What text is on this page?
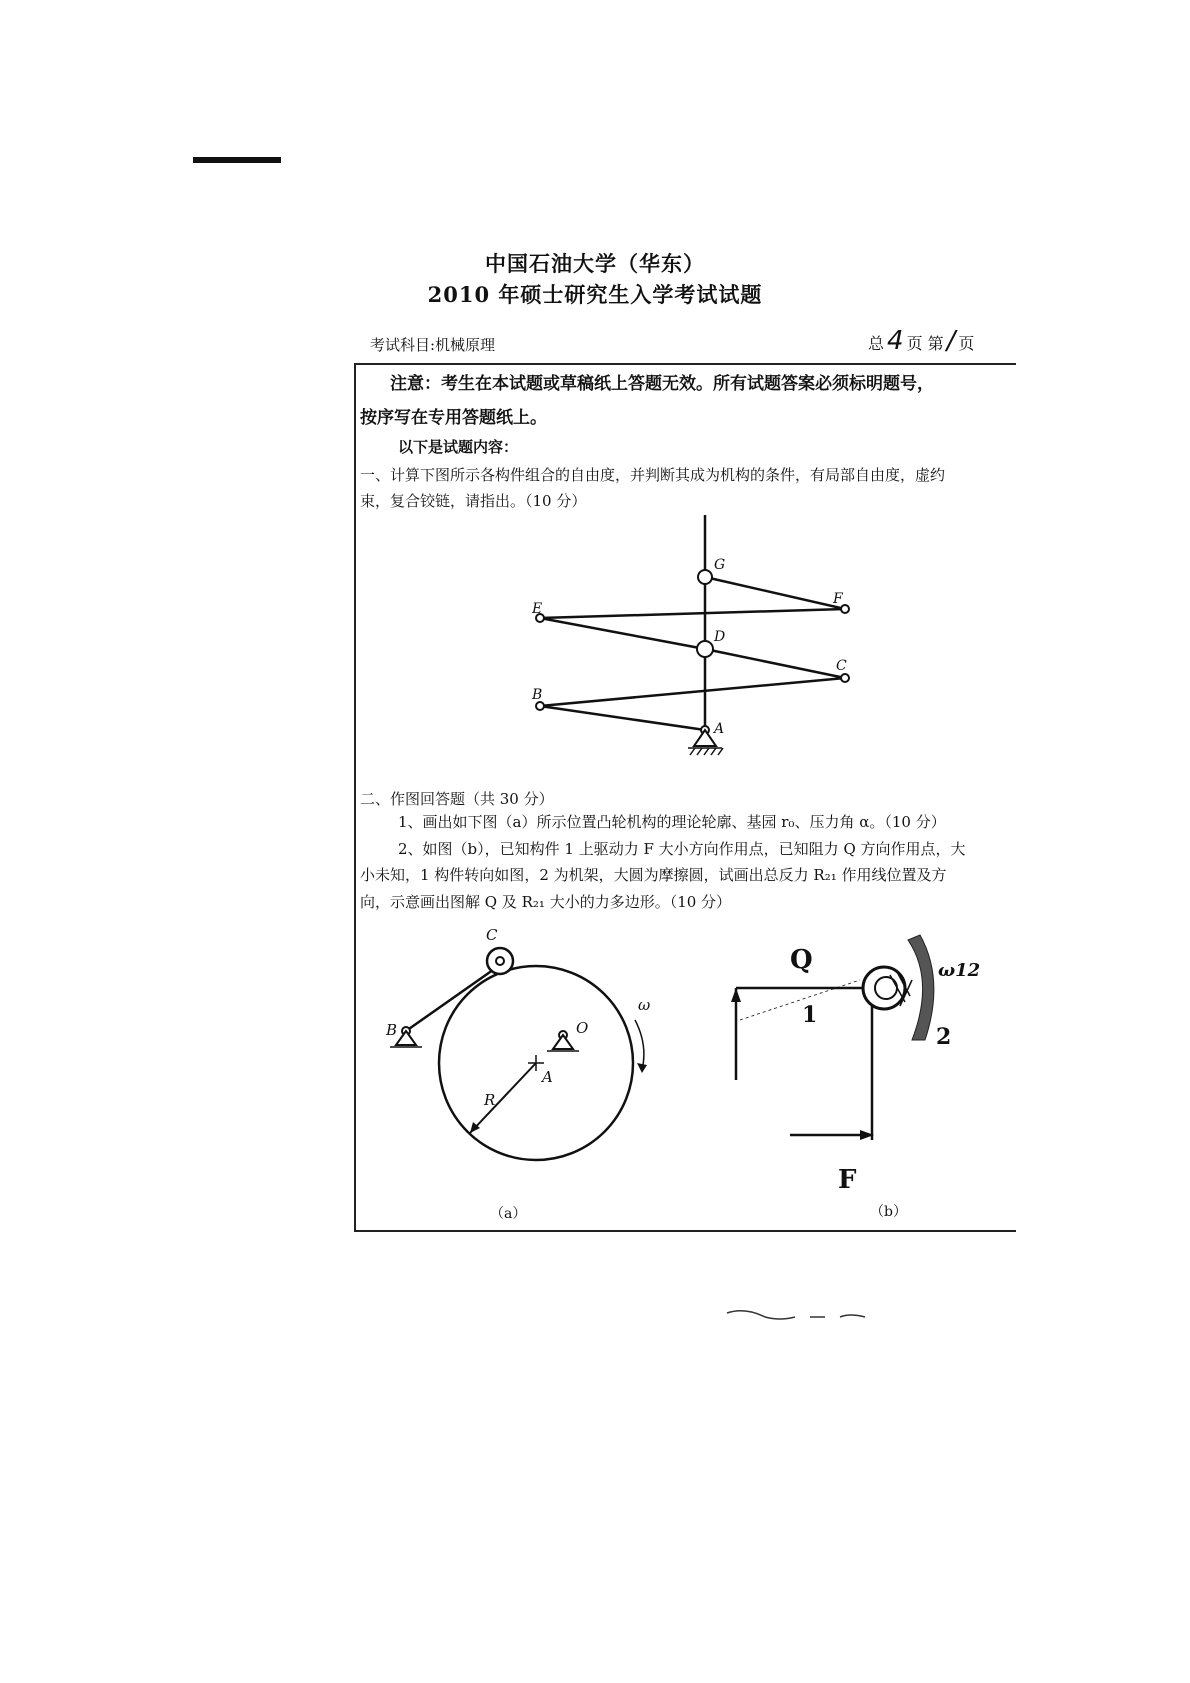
中国石油大学（华东）
2010 年硕士研究生入学考试试题
考试科目:机械原理	总 4 页 第 / 页
注意：考生在本试题或草稿纸上答题无效。所有试题答案必须标明题号，
按序写在专用答题纸上。
以下是试题内容：
一、计算下图所示各构件组合的自由度，并判断其成为机构的条件，有局部自由度，虚约
束，复合铰链，请指出。（10 分）
G
E
F
D
C
B
A
二、作图回答题（共 30 分）
1、画出如下图（a）所示位置凸轮机构的理论轮廓、基园 r₀、压力角 α。（10 分）
2、如图（b），已知构件 1 上驱动力 F 大小方向作用点，已知阻力 Q 方向作用点，大
小未知，1 构件转向如图，2 为机架，大圆为摩擦圆，试画出总反力 R₂₁ 作用线位置及方
向，示意画出图解 Q 及 R₂₁ 大小的力多边形。（10 分）
C
B	O
A
R
ω
Q
1
ω12
2
F
（a）	（b）
